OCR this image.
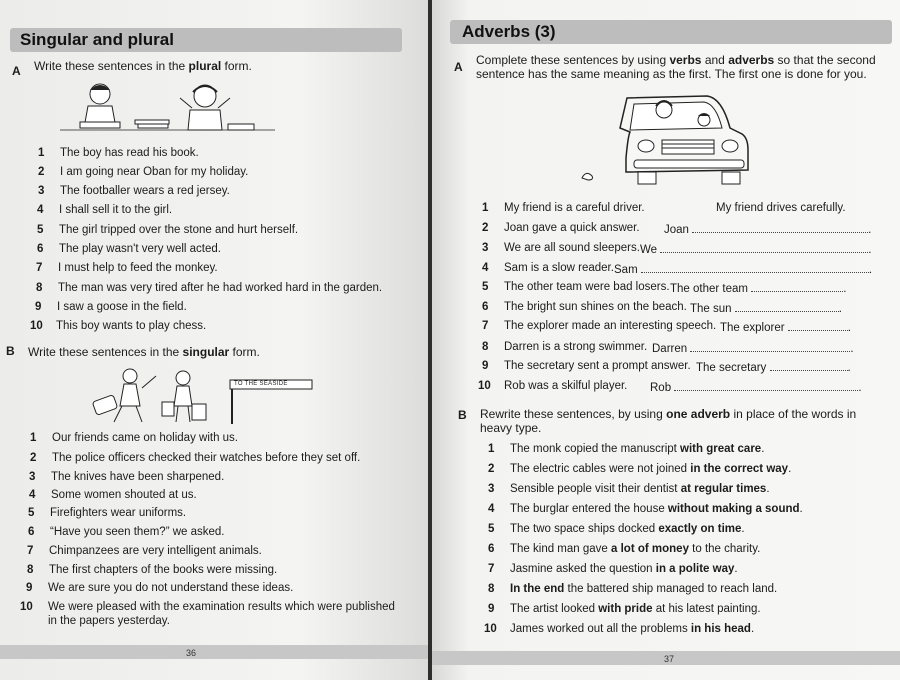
Singular and plural
A Write these sentences in the plural form.
1	The boy has read his book.
2	I am going near Oban for my holiday.
3	The footballer wears a red jersey.
4	I shall sell it to the girl.
5	The girl tripped over the stone and hurt herself.
6	The play wasn't very well acted.
7	I must help to feed the monkey.
8	The man was very tired after he had worked hard in the garden.
9	I saw a goose in the field.
10	This boy wants to play chess.
B Write these sentences in the singular form.
TO THE SEASIDE
1	Our friends came on holiday with us.
2	The police officers checked their watches before they set off.
3	The knives have been sharpened.
4	Some women shouted at us.
5	Firefighters wear uniforms.
6	“Have you seen them?” we asked.
7	Chimpanzees are very intelligent animals.
8	The first chapters of the books were missing.
9	We are sure you do not understand these ideas.
10	We were pleased with the examination results which were published
in the papers yesterday.
36
Adverbs (3)
A Complete these sentences by using verbs and adverbs so that the second
sentence has the same meaning as the first. The first one is done for you.
1	My friend is a careful driver.	My friend drives carefully.
2	Joan gave a quick answer. Joan	.
3	We are all sound sleepers. We	.
4	Sam is a slow reader. Sam	.
5	The other team were bad losers. The other team	.
6	The bright sun shines on the beach. The sun	.
7	The explorer made an interesting speech. The explorer	.
8	Darren is a strong swimmer. Darren	.
9	The secretary sent a prompt answer. The secretary	.
10	Rob was a skilful player. Rob	.
B Rewrite these sentences, by using one adverb in place of the words in
heavy type.
1	The monk copied the manuscript with great care.
2	The electric cables were not joined in the correct way.
3	Sensible people visit their dentist at regular times.
4	The burglar entered the house without making a sound.
5	The two space ships docked exactly on time.
6	The kind man gave a lot of money to the charity.
7	Jasmine asked the question in a polite way.
8	In the end the battered ship managed to reach land.
9	The artist looked with pride at his latest painting.
10	James worked out all the problems in his head.
37
